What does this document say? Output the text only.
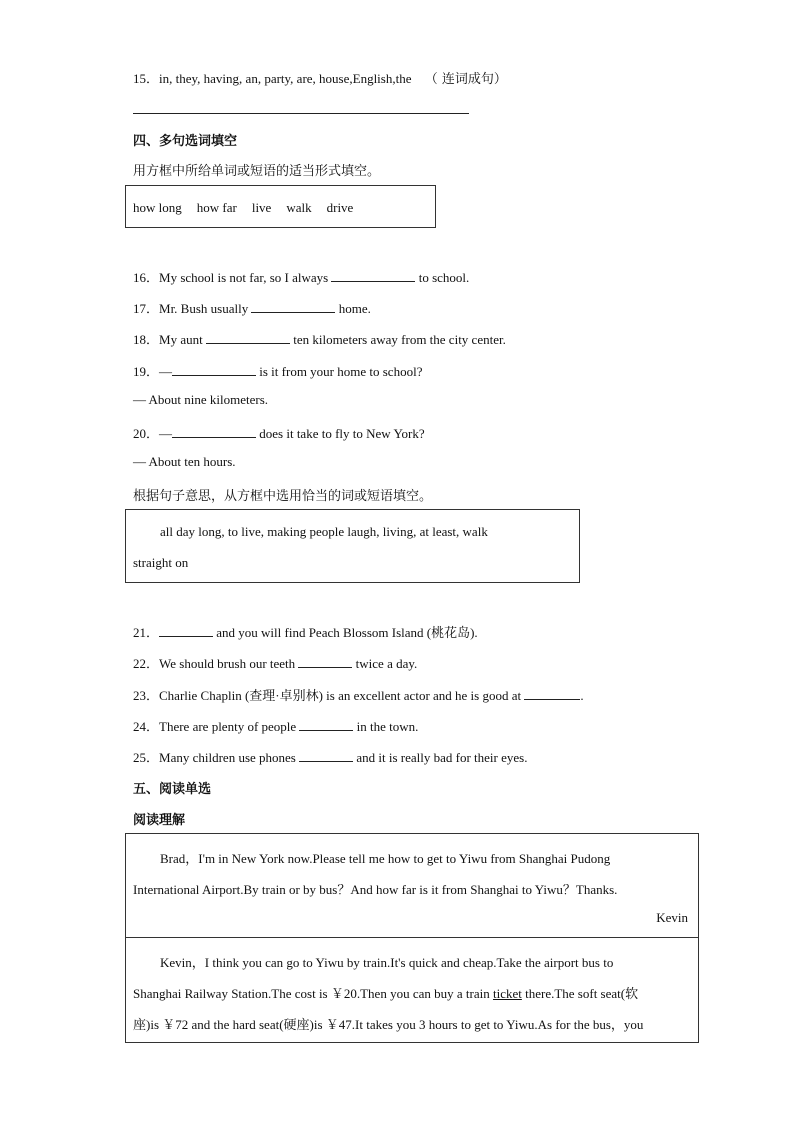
15．in, they, having, an, party, are, house,English,the （ 连词成句）
四、多句选词填空
用方框中所给单词或短语的适当形式填空。
how long how far live walk drive
16．My school is not far, so I always	to school.
17．Mr. Bush usually	home.
18．My aunt	ten kilometers away from the city center.
19．—	is it from your home to school?
— About nine kilometers.
20．—	does it take to fly to New York?
— About ten hours.
根据句子意思，从方框中选用恰当的词或短语填空。
all day long, to live, making people laugh, living, at least, walk
straight on
21．	and you will find Peach Blossom Island (桃花岛).
22．We should brush our teeth	twice a day.
23．Charlie Chaplin (查理·卓别林) is an excellent actor and he is good at	.
24．There are plenty of people	in the town.
25．Many children use phones	and it is really bad for their eyes.
五、阅读单选
阅读理解
Brad，I'm in New York now.Please tell me how to get to Yiwu from Shanghai Pudong
International Airport.By train or by bus？And how far is it from Shanghai to Yiwu？Thanks.
Kevin
Kevin，I think you can go to Yiwu by train.It's quick and cheap.Take the airport bus to
Shanghai Railway Station.The cost is ￥20.Then you can buy a train ticket there.The soft seat(软
座)is ￥72 and the hard seat(硬座)is ￥47.It takes you 3 hours to get to Yiwu.As for the bus，you
